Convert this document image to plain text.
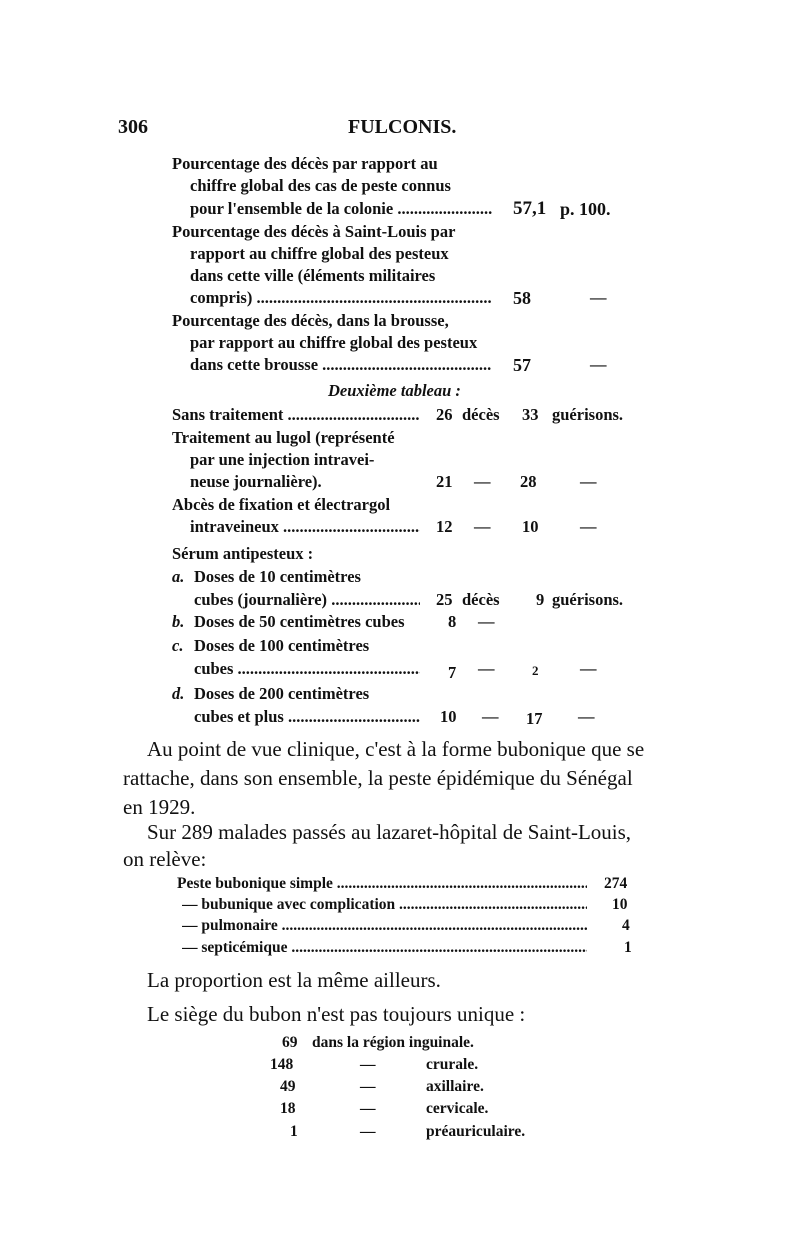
306	FULCONIS.
Pourcentage des décès par rapport au
chiffre global des cas de peste connus
pour l'ensemble de la colonie .....	57,1 p. 100.
Pourcentage des décès à Saint-Louis par
rapport au chiffre global des pesteux
dans cette ville (éléments militaires
compris) .....	58	—
Pourcentage des décès, dans la brousse,
par rapport au chiffre global des pesteux
dans cette brousse .....	57	—
Deuxième tableau :
Sans traitement .....	26 décès 33 guérisons.
Traitement au lugol (représenté
par une injection intravei-
neuse journalière).	21 — 28	—
Abcès de fixation et électrargol
intraveineux .....	12 — 10	—
Sérum antipesteux :
a. Doses de 10 centimètres
cubes (journalière) .....	25 décès 9 guérisons.
b. Doses de 50 centimètres cubes	8 —
c. Doses de 100 centimètres
cubes .....	7 —	2	—
d. Doses de 200 centimètres
cubes et plus .....	10 — 17 —
Au point de vue clinique, c'est à la forme bubonique que se
rattache, dans son ensemble, la peste épidémique du Sénégal
en 1929.
Sur 289 malades passés au lazaret-hôpital de Saint-Louis,
on relève:
Peste bubonique simple .....	274
— bubunique avec complication .....	10
— pulmonaire .....	4
— septicémique .....	1
La proportion est la même ailleurs.
Le siège du bubon n'est pas toujours unique :
69 dans la région inguinale.
148	—	crurale.
49	—	axillaire.
18	—	cervicale.
1	—	préauriculaire.
